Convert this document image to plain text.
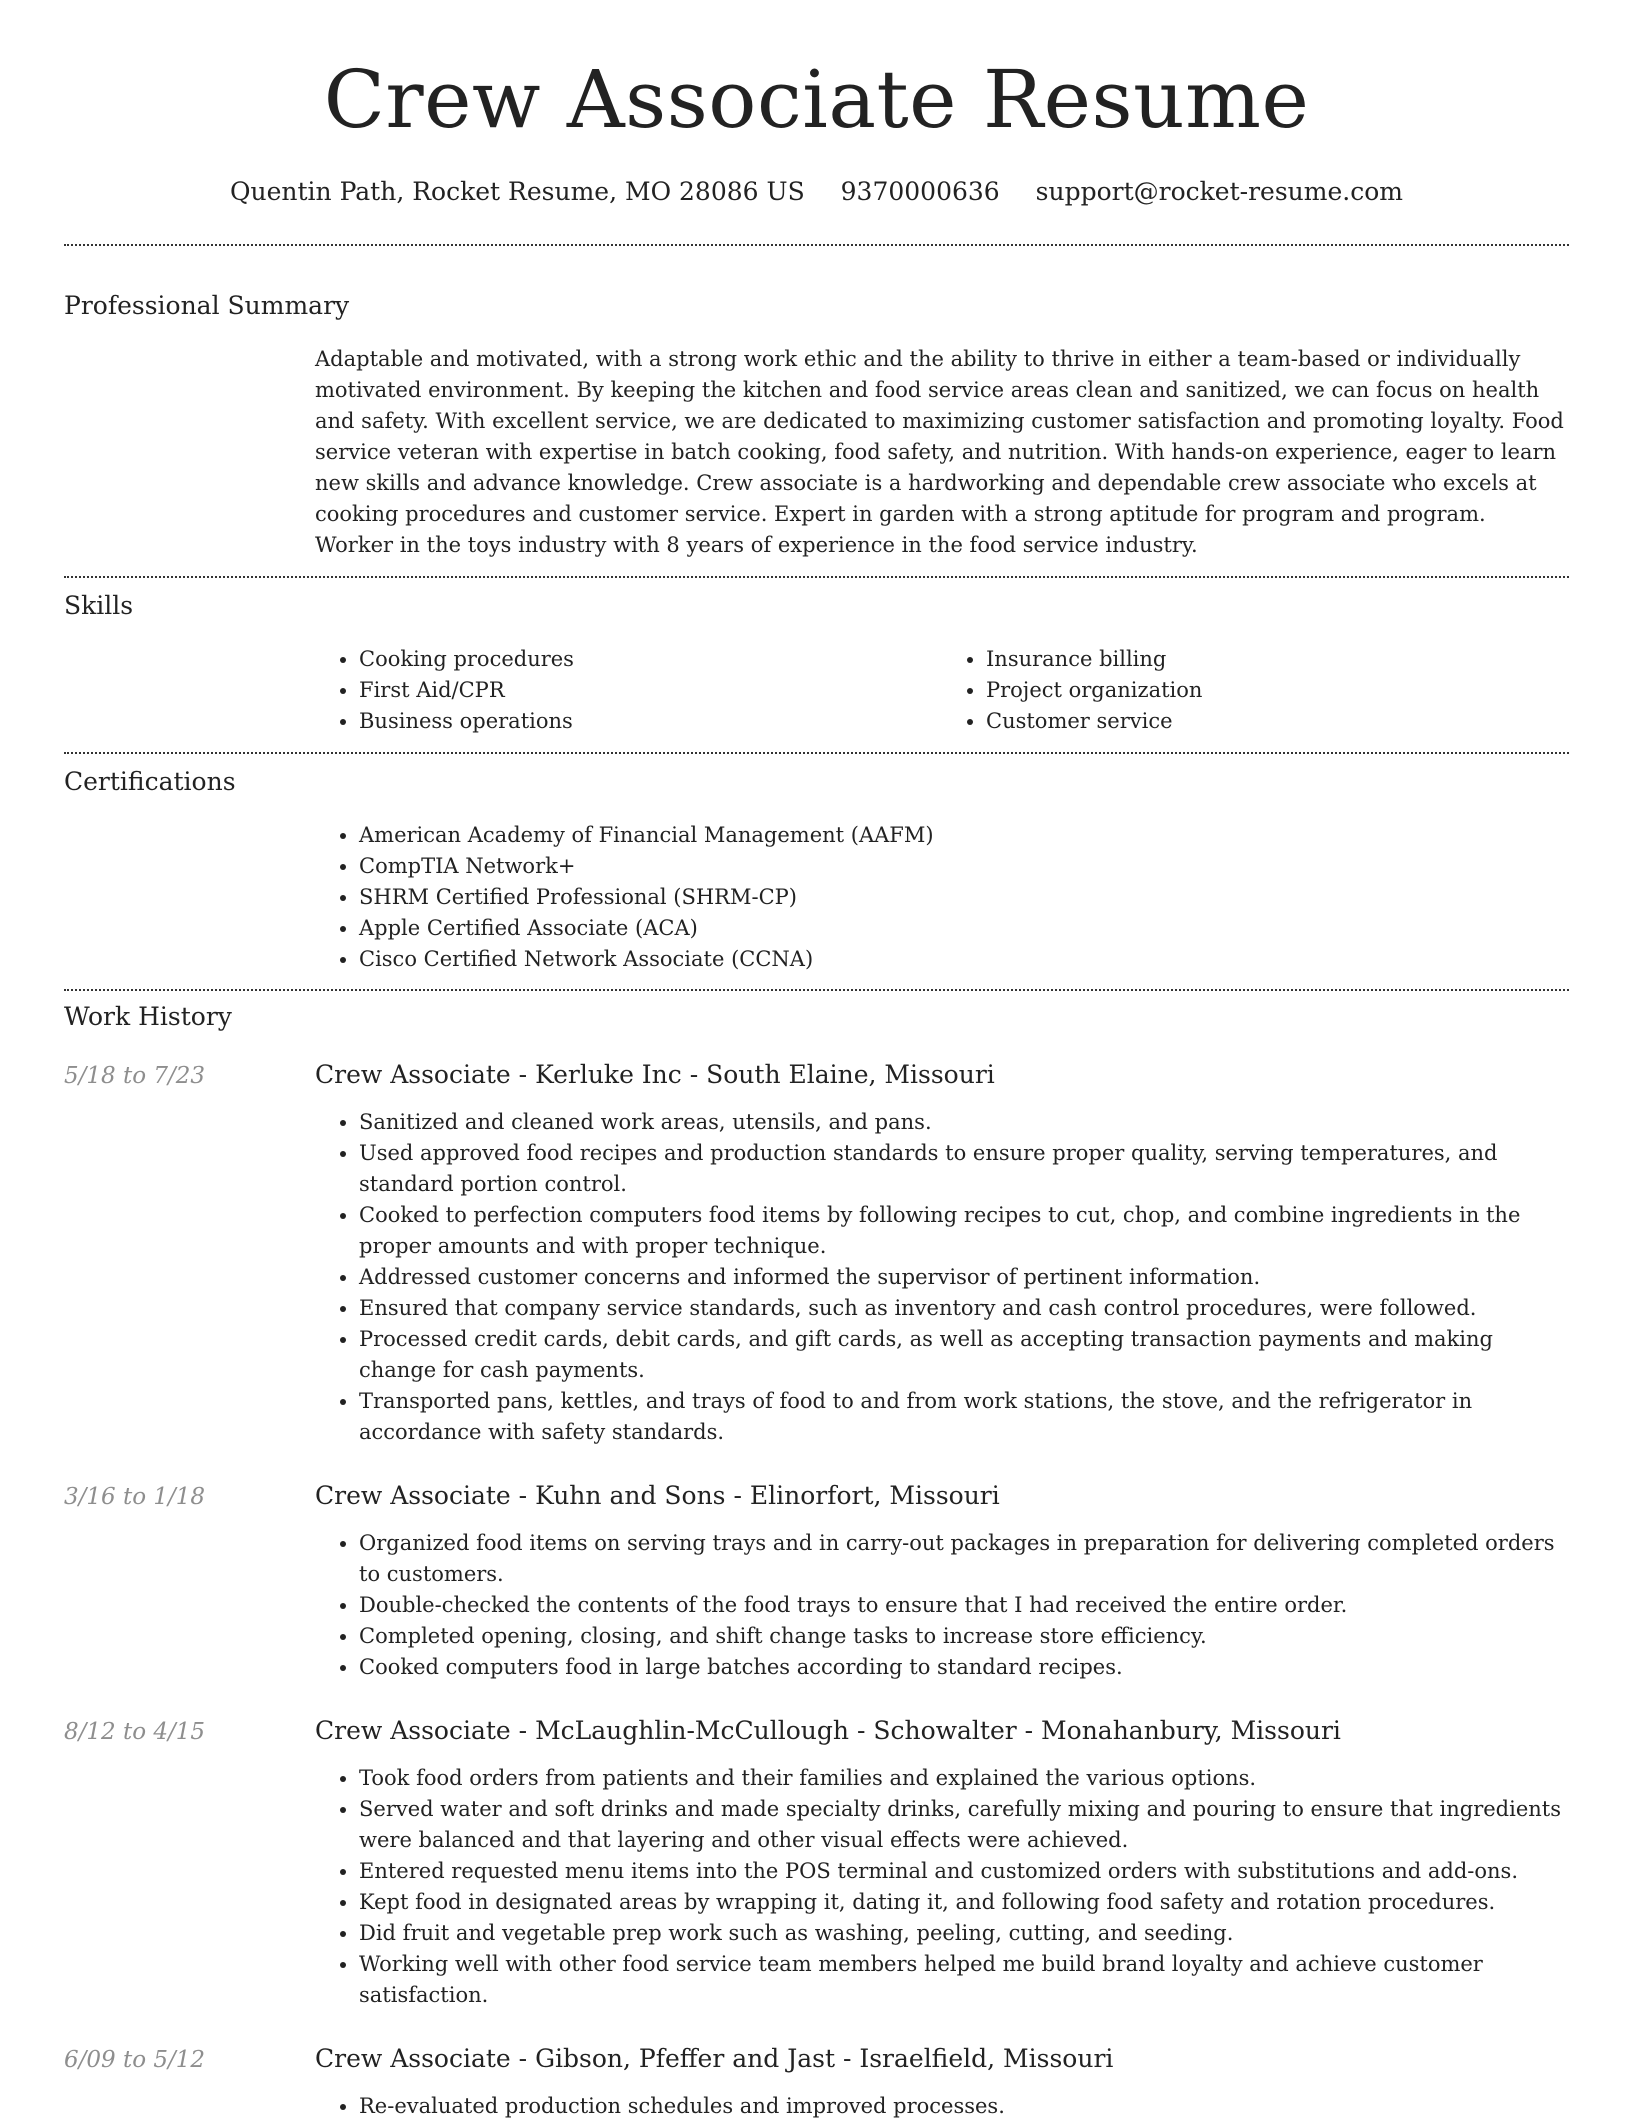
Crew Associate Resume
Quentin Path, Rocket Resume, MO 28086 US 9370000636 support@rocket-resume.com
Professional Summary

Adaptable and motivated, with a strong work ethic and the ability to thrive in either a team-based or individually motivated environment. By keeping the kitchen and food service areas clean and sanitized, we can focus on health and safety. With excellent service, we are dedicated to maximizing customer satisfaction and promoting loyalty. Food service veteran with expertise in batch cooking, food safety, and nutrition. With hands-on experience, eager to learn new skills and advance knowledge. Crew associate is a hardworking and dependable crew associate who excels at cooking procedures and customer service. Expert in garden with a strong aptitude for program and program. Worker in the toys industry with 8 years of experience in the food service industry.

Skills
• Cooking procedures
• First Aid/CPR
• Business operations
• Insurance billing
• Project organization
• Customer service
Certifications
• American Academy of Financial Management (AAFM)
• CompTIA Network+
• SHRM Certified Professional (SHRM-CP)
• Apple Certified Associate (ACA)
• Cisco Certified Network Associate (CCNA)
Work History
5/18 to 7/23	Crew Associate - Kerluke Inc - South Elaine, Missouri
• Sanitized and cleaned work areas, utensils, and pans.
• Used approved food recipes and production standards to ensure proper quality, serving temperatures, and standard portion control.
• Cooked to perfection computers food items by following recipes to cut, chop, and combine ingredients in the proper amounts and with proper technique.
• Addressed customer concerns and informed the supervisor of pertinent information.
• Ensured that company service standards, such as inventory and cash control procedures, were followed.
• Processed credit cards, debit cards, and gift cards, as well as accepting transaction payments and making change for cash payments.
• Transported pans, kettles, and trays of food to and from work stations, the stove, and the refrigerator in accordance with safety standards.
3/16 to 1/18	Crew Associate - Kuhn and Sons - Elinorfort, Missouri
• Organized food items on serving trays and in carry-out packages in preparation for delivering completed orders to customers.
• Double-checked the contents of the food trays to ensure that I had received the entire order.
• Completed opening, closing, and shift change tasks to increase store efficiency.
• Cooked computers food in large batches according to standard recipes.
8/12 to 4/15	Crew Associate - McLaughlin-McCullough - Schowalter - Monahanbury, Missouri
• Took food orders from patients and their families and explained the various options.
• Served water and soft drinks and made specialty drinks, carefully mixing and pouring to ensure that ingredients were balanced and that layering and other visual effects were achieved.
• Entered requested menu items into the POS terminal and customized orders with substitutions and add-ons.
• Kept food in designated areas by wrapping it, dating it, and following food safety and rotation procedures.
• Did fruit and vegetable prep work such as washing, peeling, cutting, and seeding.
• Working well with other food service team members helped me build brand loyalty and achieve customer satisfaction.
6/09 to 5/12	Crew Associate - Gibson, Pfeffer and Jast - Israelfield, Missouri
• Re-evaluated production schedules and improved processes.
